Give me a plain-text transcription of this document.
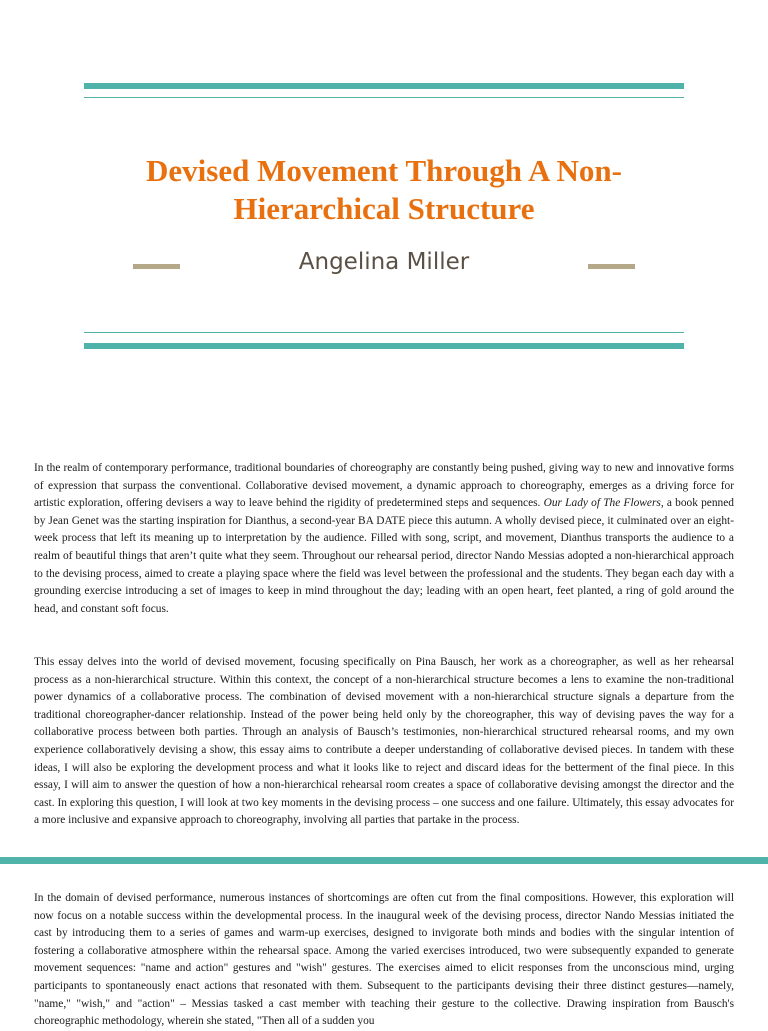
Devised Movement Through A Non-Hierarchical Structure
Angelina Miller

In the realm of contemporary performance, traditional boundaries of choreography are constantly being pushed, giving way to new and innovative forms of expression that surpass the conventional. Collaborative devised movement, a dynamic approach to choreography, emerges as a driving force for artistic exploration, offering devisers a way to leave behind the rigidity of predetermined steps and sequences. Our Lady of The Flowers, a book penned by Jean Genet was the starting inspiration for Dianthus, a second-year BA DATE piece this autumn. A wholly devised piece, it culminated over an eight-week process that left its meaning up to interpretation by the audience. Filled with song, script, and movement, Dianthus transports the audience to a realm of beautiful things that aren’t quite what they seem. Throughout our rehearsal period, director Nando Messias adopted a non-hierarchical approach to the devising process, aimed to create a playing space where the field was level between the professional and the students. They began each day with a grounding exercise introducing a set of images to keep in mind throughout the day; leading with an open heart, feet planted, a ring of gold around the head, and constant soft focus.

This essay delves into the world of devised movement, focusing specifically on Pina Bausch, her work as a choreographer, as well as her rehearsal process as a non-hierarchical structure. Within this context, the concept of a non-hierarchical structure becomes a lens to examine the non-traditional power dynamics of a collaborative process. The combination of devised movement with a non-hierarchical structure signals a departure from the traditional choreographer-dancer relationship. Instead of the power being held only by the choreographer, this way of devising paves the way for a collaborative process between both parties. Through an analysis of Bausch’s testimonies, non-hierarchical structured rehearsal rooms, and my own experience collaboratively devising a show, this essay aims to contribute a deeper understanding of collaborative devised pieces. In tandem with these ideas, I will also be exploring the development process and what it looks like to reject and discard ideas for the betterment of the final piece. In this essay, I will aim to answer the question of how a non-hierarchical rehearsal room creates a space of collaborative devising amongst the director and the cast. In exploring this question, I will look at two key moments in the devising process – one success and one failure. Ultimately, this essay advocates for a more inclusive and expansive approach to choreography, involving all parties that partake in the process.

In the domain of devised performance, numerous instances of shortcomings are often cut from the final compositions. However, this exploration will now focus on a notable success within the developmental process. In the inaugural week of the devising process, director Nando Messias initiated the cast by introducing them to a series of games and warm-up exercises, designed to invigorate both minds and bodies with the singular intention of fostering a collaborative atmosphere within the rehearsal space. Among the varied exercises introduced, two were subsequently expanded to generate movement sequences: "name and action" gestures and "wish" gestures. The exercises aimed to elicit responses from the unconscious mind, urging participants to spontaneously enact actions that resonated with them. Subsequent to the participants devising their three distinct gestures—namely, "name," "wish," and "action" – Messias tasked a cast member with teaching their gesture to the collective. Drawing inspiration from Bausch's choreographic methodology, wherein she stated, "Then all of a sudden you
